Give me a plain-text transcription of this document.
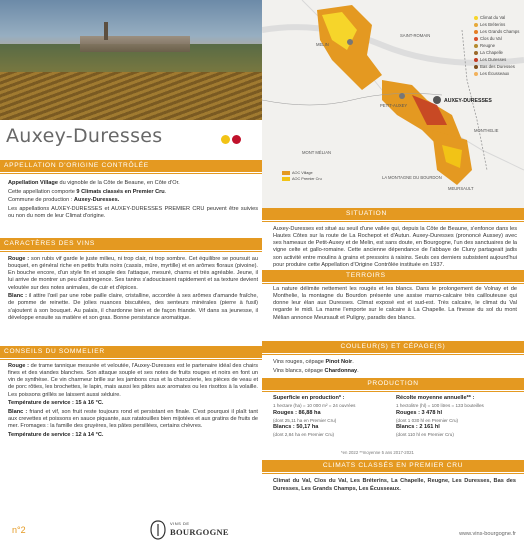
Auxey-Duresses

APPELLATION D'ORIGINE CONTRÔLÉE

Appellation Village du vignoble de la Côte de Beaune, en Côte d'Or.

Cette appellation comporte 9 Climats classés en Premier Cru.

Commune de production : Auxey-Duresses.

Les appellations AUXEY-DURESSES et AUXEY-DURESSES PREMIER CRU peuvent être suivies ou non du nom de leur Climat d'origine.

CARACTÈRES DES VINS

Rouge : son rubis vif garde le juste milieu, ni trop clair, ni trop sombre. Cet équilibre se poursuit au bouquet, en général riche en petits fruits noirs (cassis, mûre, myrtille) et en arômes floraux (pivoine). En bouche encore, d'un style fin et souple des l'attaque, mesuré, charnu et très agréable. Jeune, il lui arrive de montrer un peu d'astringence. Ses tanins s'adoucissent rapidement et sa texture devient veloutée sur des notes animales, de cuir et d'épices.

Blanc : il attire l'œil par une robe paille claire, cristalline, accordée à ses arômes d'amande fraîche, de pomme de reinette. De jolies nuances biscuitées, des senteurs minérales (pierre à fusil) s'ajoutent à son bouquet. Au palais, il chardonne bien et de façon friande. Vif dans sa jeunesse, il développe ensuite sa matière et son gras. Bonne persistance aromatique.

CONSEILS DU SOMMELIER

Rouge : de trame tannique mesurée et veloutée, l'Auxey-Duresses est le partenaire idéal des chairs fines et des viandes blanches. Son attaque souple et ses notes de fruits rouges et noirs en font un vin de synthèse. Ce vin charmeur brille sur les jambons crus et la charcuterie, les pièces de veau et de porc rôties, les brochettes, le lapin, mais aussi les pâtes aux aromates ou les risottos à la volaille. Les poissons grillés se laissent aussi séduire.

Température de service : 15 à 16 °C.

Blanc : friand et vif, son fruit reste toujours rond et persistant en finale. C'est pourquoi il plaît tant aux crevettes et poissons en sauce piquante, aux ratatouilles bien mijotées et aux gratins de fruits de mer. Fromages : la famille des gruyères, les pâtes persillées, certains chèvres.

Température de service : 12 à 14 °C.

MELIN
PETIT-AUXEY
AUXEY-DURESSES
SAINT-ROMAIN
MONTHELIE
MEURSAULT
LA MONTAGNE DU BOURDON
MONT MÉLIAN
AOC Village
AOC Premier Cru
Climat du Val
Les Bréterins
Les Grands Champs
Clos du Val
Reugne
La Chapelle
Les Duresses
Bas des Duresses
Les Écusseaux
SITUATION
Auxey-Duresses est situé au seuil d'une vallée qui, depuis la Côte de Beaune, s'enfonce dans les Hautes Côtes sur la route de La Rochepot et d'Autun. Auxey-Duresses (prononcé Aussey) avec ses hameaux de Petit-Auxey et de Melin, est sans doute, en Bourgogne, l'un des sanctuaires de la vigne celte et gallo-romaine. Cette ancienne dépendance de l'abbaye de Cluny partageait jadis son activité entre moulins à grains et pressoirs à raisins. Seuls ces derniers subsistent aujourd'hui pour produire cette Appellation d'Origine Contrôlée instituée en 1937.
TERROIRS
La nature délimite nettement les rougés et les blancs. Dans le prolongement de Volnay et de Monthelie, la montagne du Bourdon présente une assise marno-calcaire très caillouteuse qui donne leur élan aux Duresses. Climat exposé est et sud-est. Très calcaire, le climat du Val regarde le midi. La marne l'emporte sur le calcaire à La Chapelle. La finesse du sol du mont Mélian annonce Meursault et Puligny, paradis des blancs.
COULEUR(S) ET CÉPAGE(S)

Vins rouges, cépage Pinot Noir.

Vins blancs, cépage Chardonnay.

PRODUCTION
Superficie en production* :
1 hectare (ha) = 10 000 m² = 24 ouvrées
Rouges : 86,88 ha
(dont 25,11 ha en Premier Cru)
Blancs : 50,17 ha
(dont 2,84 ha en Premier Cru)
Récolte moyenne annuelle** :
1 hectolitre (hl) = 100 litres = 133 bouteilles
Rouges : 3 478 hl
(dont 1 030 hl en Premier Cru)
Blancs : 2 161 hl
(dont 110 hl en Premier Cru)
*en 2022 **moyenne 5 ans 2017-2021
CLIMATS CLASSÉS EN PREMIER CRU
Climat du Val, Clos du Val, Les Bréterins, La Chapelle, Reugne, Les Duresses, Bas des Duresses, Les Grands Champs, Les Écusseaux.
n°2
VINS DE
BOURGOGNE	www.vins-bourgogne.fr
